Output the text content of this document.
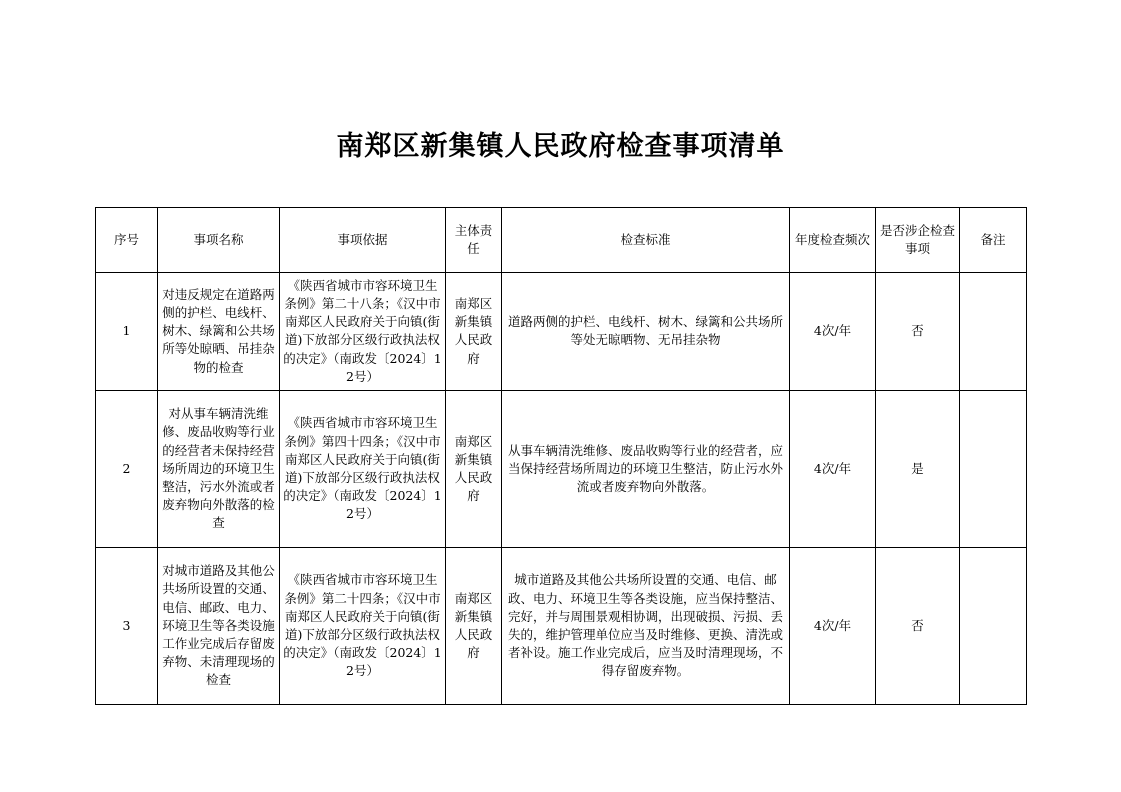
南郑区新集镇人民政府检查事项清单
序号	事项名称	事项依据	主体责任	检查标准	年度检查频次	是否涉企检查事项	备注
1	对违反规定在道路两侧的护栏、电线杆、树木、绿篱和公共场所等处晾晒、吊挂杂物的检查	《陕西省城市市容环境卫生条例》第二十八条；《汉中市南郑区人民政府关于向镇(街道)下放部分区级行政执法权的决定》（南政发〔2024〕12号）	南郑区新集镇人民政府	道路两侧的护栏、电线杆、树木、绿篱和公共场所等处无晾晒物、无吊挂杂物	4次/年	否	
2	对从事车辆清洗维修、废品收购等行业的经营者未保持经营场所周边的环境卫生整洁，污水外流或者废弃物向外散落的检查	《陕西省城市市容环境卫生条例》第四十四条；《汉中市南郑区人民政府关于向镇(街道)下放部分区级行政执法权的决定》（南政发〔2024〕12号）	南郑区新集镇人民政府	从事车辆清洗维修、废品收购等行业的经营者，应当保持经营场所周边的环境卫生整洁，防止污水外流或者废弃物向外散落。	4次/年	是	
3	对城市道路及其他公共场所设置的交通、电信、邮政、电力、环境卫生等各类设施工作业完成后存留废弃物、未清理现场的检查	《陕西省城市市容环境卫生条例》第二十四条；《汉中市南郑区人民政府关于向镇(街道)下放部分区级行政执法权的决定》（南政发〔2024〕12号）	南郑区新集镇人民政府	城市道路及其他公共场所设置的交通、电信、邮政、电力、环境卫生等各类设施，应当保持整洁、完好，并与周围景观相协调，出现破损、污损、丢失的，维护管理单位应当及时维修、更换、清洗或者补设。施工作业完成后，应当及时清理现场，不得存留废弃物。	4次/年	否	
